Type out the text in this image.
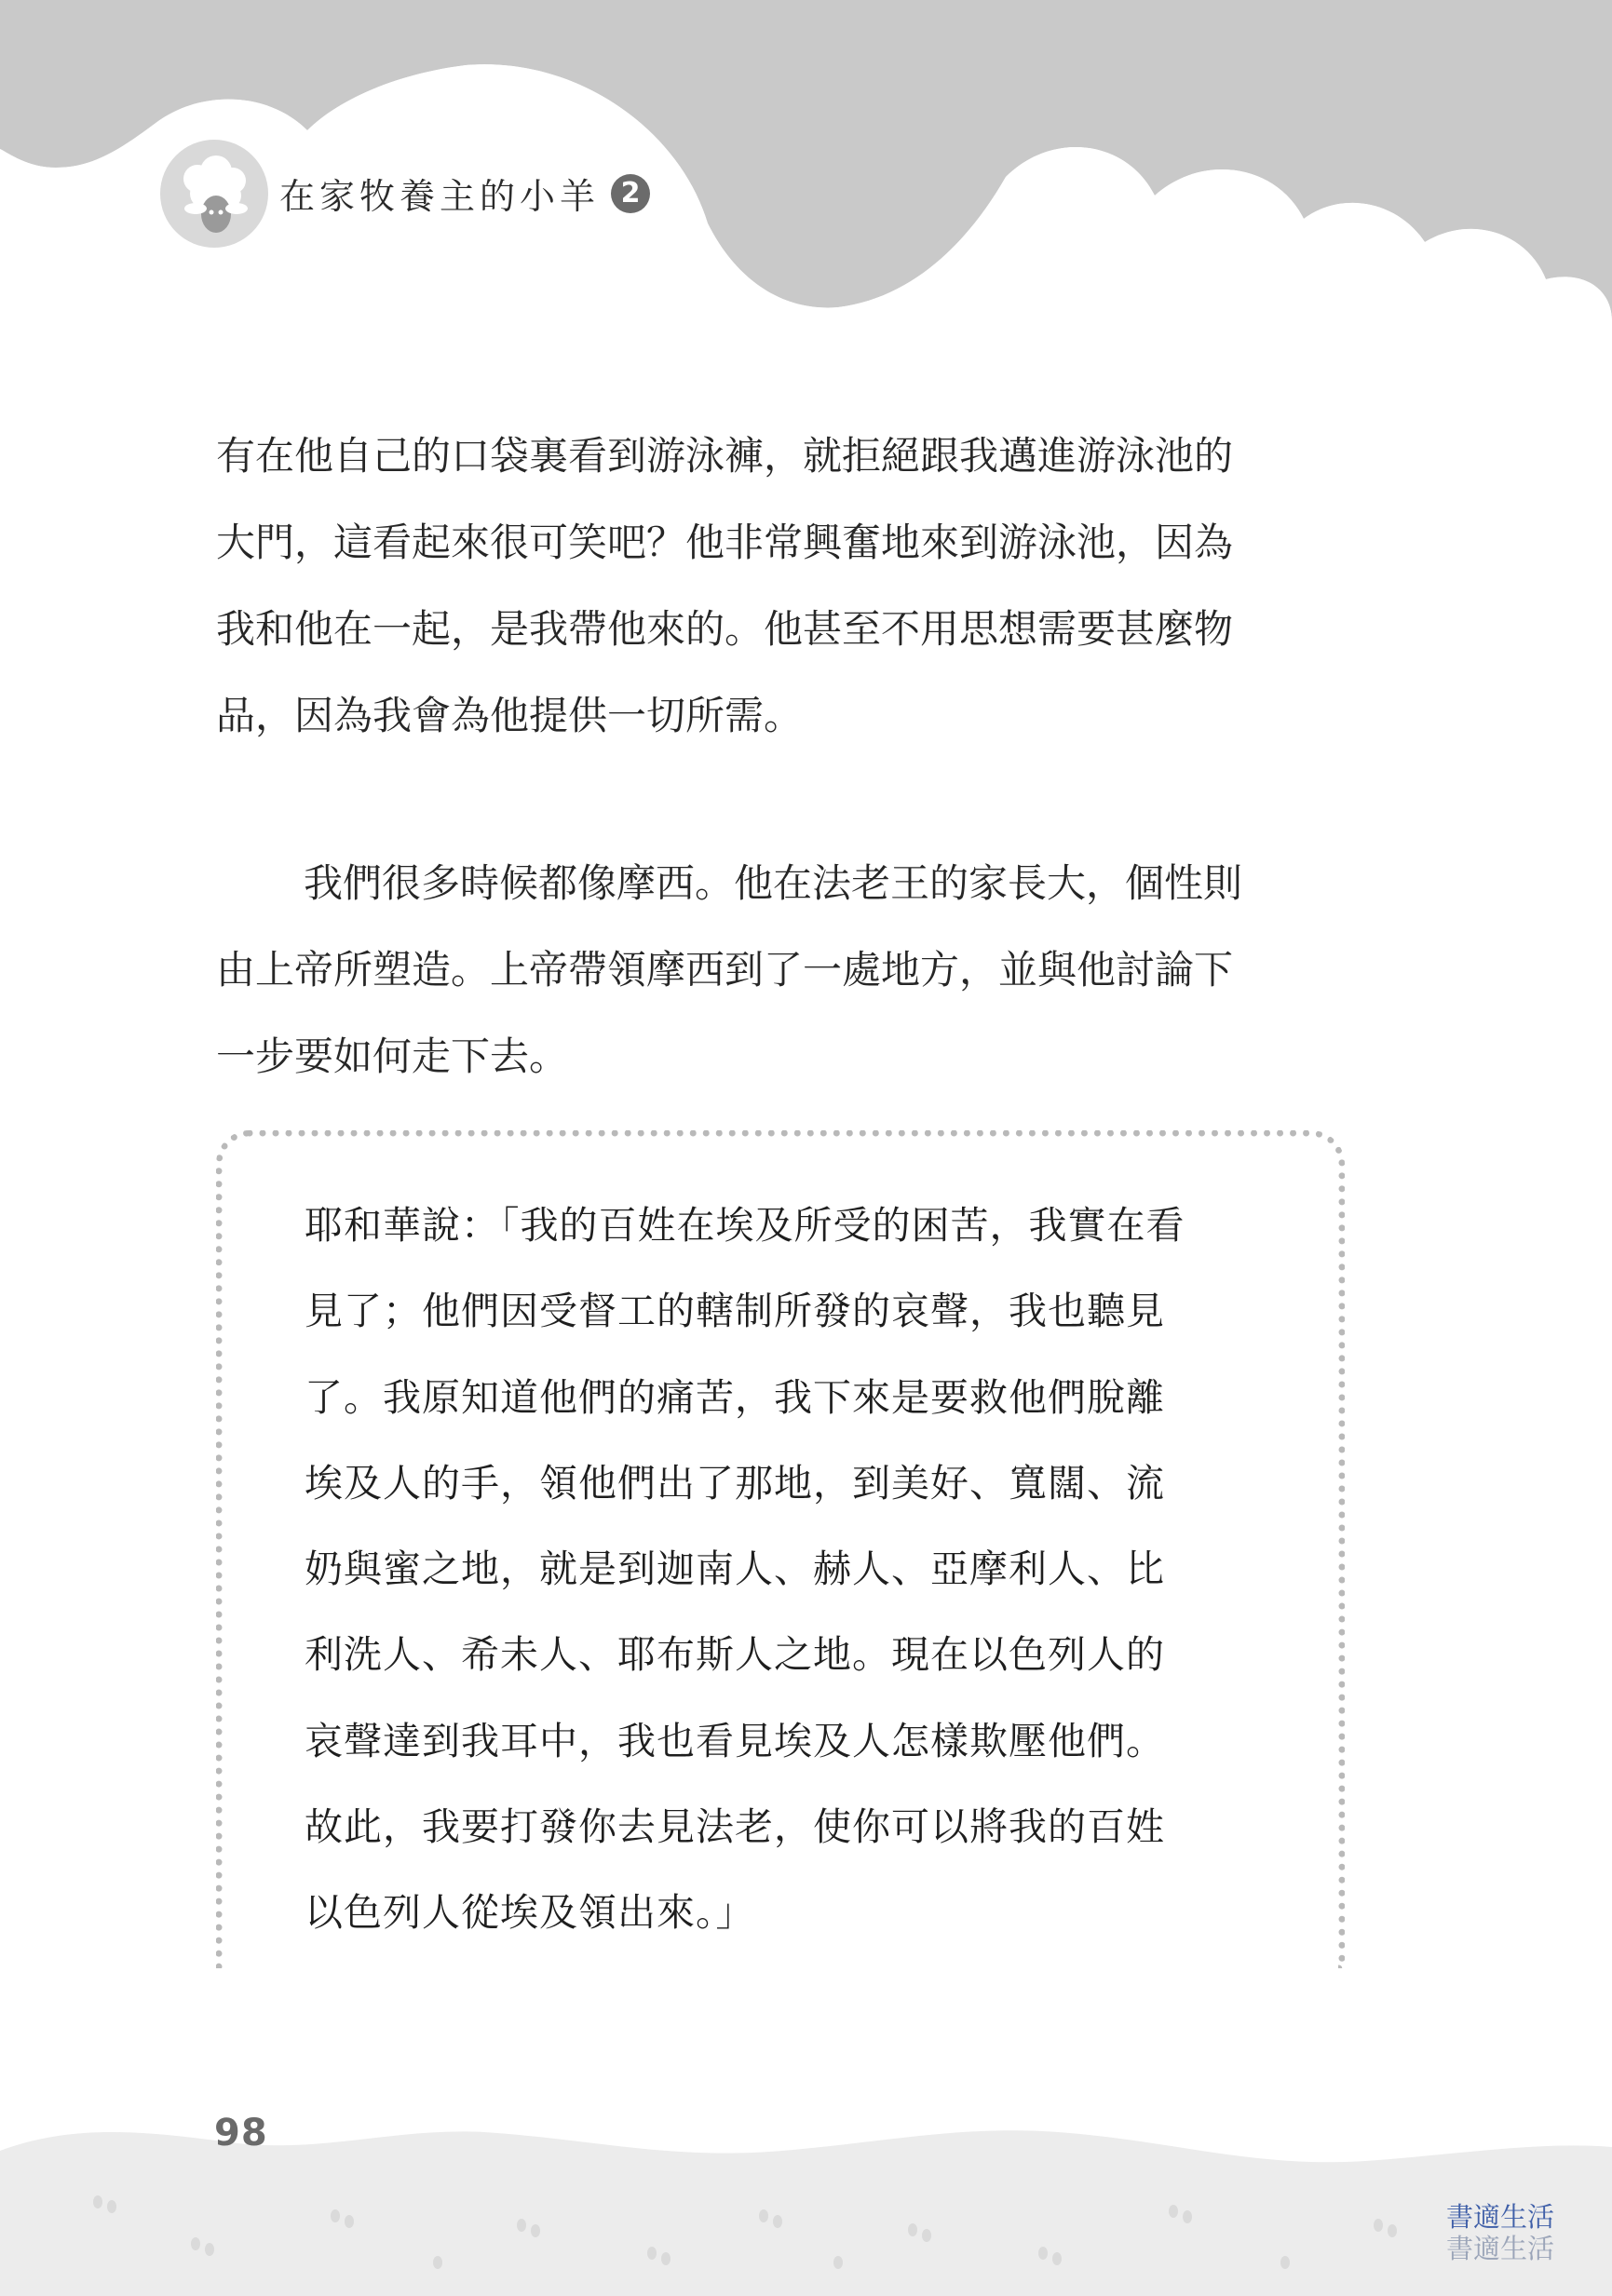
在家牧養主的小羊 2

有在他自己的口袋裏看到游泳褲，就拒絕跟我邁進游泳池的
大門，這看起來很可笑吧？他非常興奮地來到游泳池，因為
我和他在一起，是我帶他來的。他甚至不用思想需要甚麼物
品，因為我會為他提供一切所需。

我們很多時候都像摩西。他在法老王的家長大，個性則
由上帝所塑造。上帝帶領摩西到了一處地方，並與他討論下
一步要如何走下去。

耶和華說：「我的百姓在埃及所受的困苦，我實在看
見了；他們因受督工的轄制所發的哀聲，我也聽見
了。我原知道他們的痛苦，我下來是要救他們脫離
埃及人的手，領他們出了那地，到美好、寬闊、流
奶與蜜之地，就是到迦南人、赫人、亞摩利人、比
利洗人、希未人、耶布斯人之地。現在以色列人的
哀聲達到我耳中，我也看見埃及人怎樣欺壓他們。
故此，我要打發你去見法老，使你可以將我的百姓
以色列人從埃及領出來。」

98
書適生活
書適生活
